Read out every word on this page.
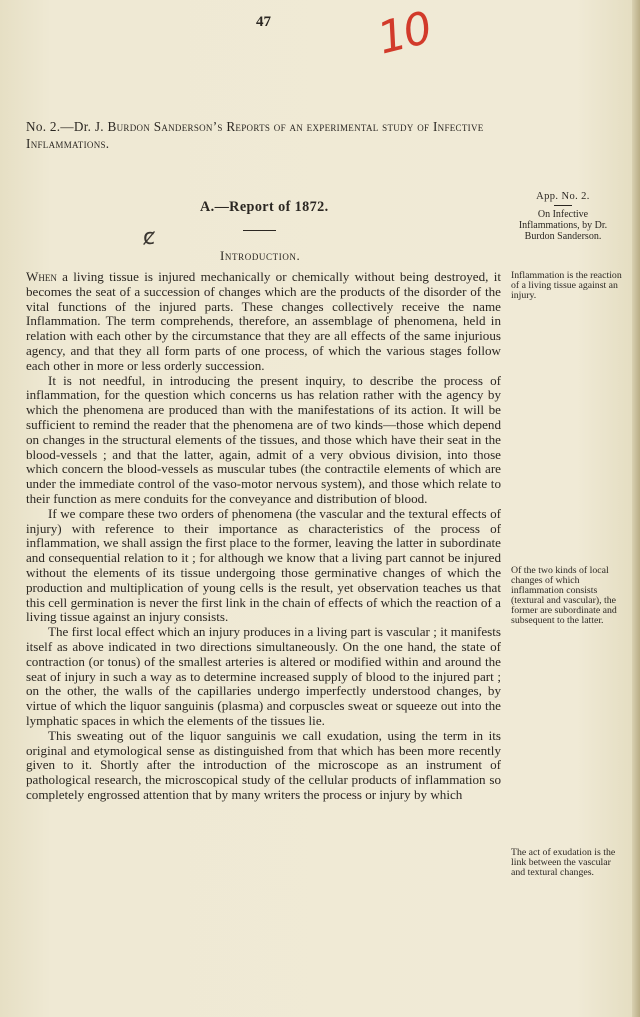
47 10
No. 2.—Dr. J. Burdon Sanderson’s Reports of an experimental study of Infective Inflammations.
A.—Report of 1872.
ȼ
Introduction.
App. No. 2.
On Infective Inflammations, by Dr. Burdon Sanderson.
Inflammation is the reaction of a living tissue against an injury.
Of the two kinds of local changes of which inflammation consists (textural and vascular), the former are subordinate and subsequent to the latter.
The act of exudation is the link between the vascular and textural changes.

When a living tissue is injured mechanically or chemically without being destroyed, it becomes the seat of a succession of changes which are the products of the disorder of the vital functions of the injured parts. These changes collectively receive the name Inflammation. The term comprehends, therefore, an assemblage of phenomena, held in relation with each other by the circumstance that they are all effects of the same injurious agency, and that they all form parts of one process, of which the various stages follow each other in more or less orderly succession.

It is not needful, in introducing the present inquiry, to describe the process of inflammation, for the question which concerns us has relation rather with the agency by which the phenomena are produced than with the manifestations of its action. It will be sufficient to remind the reader that the phenomena are of two kinds—those which depend on changes in the structural elements of the tissues, and those which have their seat in the blood-vessels ; and that the latter, again, admit of a very obvious division, into those which concern the blood-vessels as muscular tubes (the contractile elements of which are under the immediate control of the vaso-motor nervous system), and those which relate to their function as mere conduits for the conveyance and distribution of blood.

If we compare these two orders of phenomena (the vascular and the textural effects of injury) with reference to their importance as characteristics of the process of inflammation, we shall assign the first place to the former, leaving the latter in subordinate and consequential relation to it ; for although we know that a living part cannot be injured without the elements of its tissue undergoing those germinative changes of which the production and multiplication of young cells is the result, yet observation teaches us that this cell germination is never the first link in the chain of effects of which the reaction of a living tissue against an injury consists.

The first local effect which an injury produces in a living part is vascular ; it manifests itself as above indicated in two directions simultaneously. On the one hand, the state of contraction (or tonus) of the smallest arteries is altered or modified within and around the seat of injury in such a way as to determine increased supply of blood to the injured part ; on the other, the walls of the capillaries undergo imperfectly understood changes, by virtue of which the liquor sanguinis (plasma) and corpuscles sweat or squeeze out into the lymphatic spaces in which the elements of the tissues lie.

This sweating out of the liquor sanguinis we call exudation, using the term in its original and etymological sense as distinguished from that which has been more recently given to it. Shortly after the introduction of the microscope as an instrument of pathological research, the microscopical study of the cellular products of inflammation so completely engrossed attention that by many writers the process or injury by which
